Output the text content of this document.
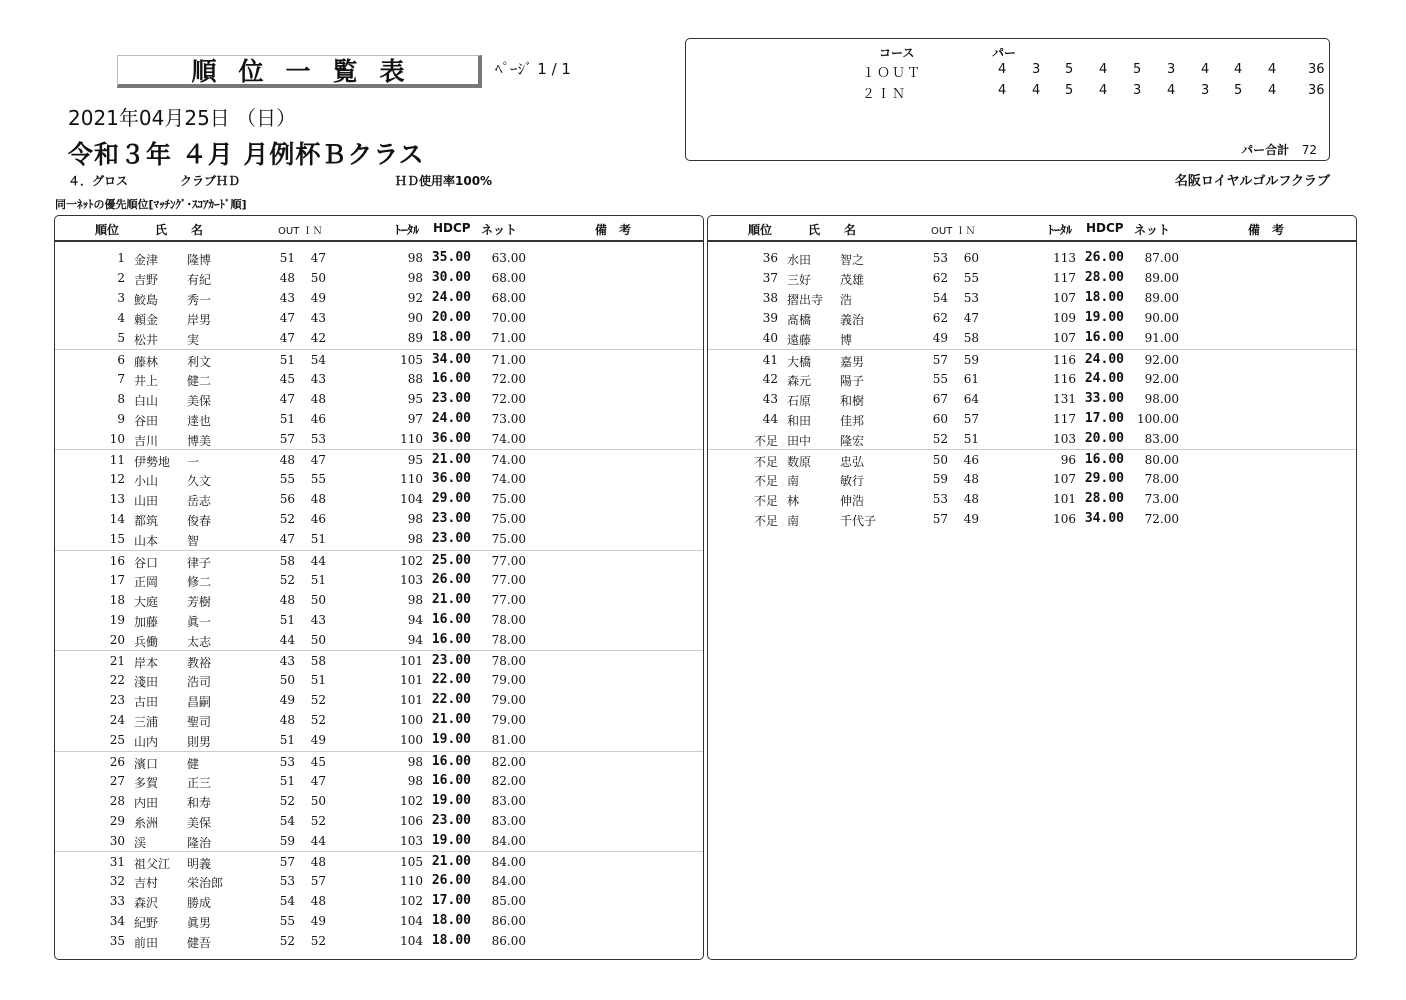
順位一覧表	ﾍﾟｰｼﾞ 1 / 1
2021年04月25日 （日）
令和３年 ４月 月例杯Ｂクラス
４．グロス	クラブＨＤ	ＨＤ使用率100%	名阪ロイヤルゴルフクラブ
同一ﾈｯﾄの優先順位[ﾏｯﾁﾝｸﾞ･ｽｺｱｶｰﾄﾞ順]
コース	パー
１ＯＵＴ	4 3 5 4 5 3 4 4 4 36
２ＩＮ	4 4 5 4 3 4 3 5 4 36
パー合計 72
順位	氏　　名	OUT ＩＮ	ﾄｰﾀﾙ HDCP ネット	備　考
1 金津 隆博	51	47	98 35.00	63.00
2 吉野 有紀	48	50	98 30.00	68.00
3 鮫島 秀一	43	49	92 24.00	68.00
4 頼金 岸男	47	43	90 20.00	70.00
5 松井 実	47	42	89 18.00	71.00
6 藤林 利文	51	54	105 34.00	71.00
7 井上 健二	45	43	88 16.00	72.00
8 白山 美保	47	48	95 23.00	72.00
9 谷田 達也	51	46	97 24.00	73.00
10 吉川 博美	57	53	110 36.00	74.00
11 伊勢地 一	48	47	95 21.00	74.00
12 小山 久文	55	55	110 36.00	74.00
13 山田 岳志	56	48	104 29.00	75.00
14 都筑 俊春	52	46	98 23.00	75.00
15 山本 智	47	51	98 23.00	75.00
16 谷口 律子	58	44	102 25.00	77.00
17 正岡 修二	52	51	103 26.00	77.00
18 大庭 芳樹	48	50	98 21.00	77.00
19 加藤 眞一	51	43	94 16.00	78.00
20 兵働 太志	44	50	94 16.00	78.00
21 岸本 教裕	43	58	101 23.00	78.00
22 淺田 浩司	50	51	101 22.00	79.00
23 古田 昌嗣	49	52	101 22.00	79.00
24 三浦 聖司	48	52	100 21.00	79.00
25 山内 則男	51	49	100 19.00	81.00
26 濱口 健	53	45	98 16.00	82.00
27 多賀 正三	51	47	98 16.00	82.00
28 内田 和寿	52	50	102 19.00	83.00
29 糸洲 美保	54	52	106 23.00	83.00
30 渓	隆治	59	44	103 19.00	84.00
31 祖父江 明義	57	48	105 21.00	84.00
32 吉村 栄治郎	53	57	110 26.00	84.00
33 森沢 勝成	54	48	102 17.00	85.00
34 紀野 眞男	55	49	104 18.00	86.00
35 前田 健吾	52	52	104 18.00	86.00
順位	氏　　名	OUT ＩＮ	ﾄｰﾀﾙ HDCP ネット	備　考
36 水田 智之	53	60	113 26.00	87.00
37 三好 茂雄	62	55	117 28.00	89.00
38 摺出寺 浩	54	53	107 18.00	89.00
39 髙橋 義治	62	47	109 19.00	90.00
40 遠藤 博	49	58	107 16.00	91.00
41 大橋 嘉男	57	59	116 24.00	92.00
42 森元 陽子	55	61	116 24.00	92.00
43 石原 和樹	67	64	131 33.00	98.00
44 和田 佳邦	60	57	117 17.00	100.00
不足 田中 隆宏	52	51	103 20.00	83.00
不足 数原 忠弘	50	46	96 16.00	80.00
不足 南	敏行	59	48	107 29.00	78.00
不足 林	伸浩	53	48	101 28.00	73.00
不足 南	千代子	57	49	106 34.00	72.00
